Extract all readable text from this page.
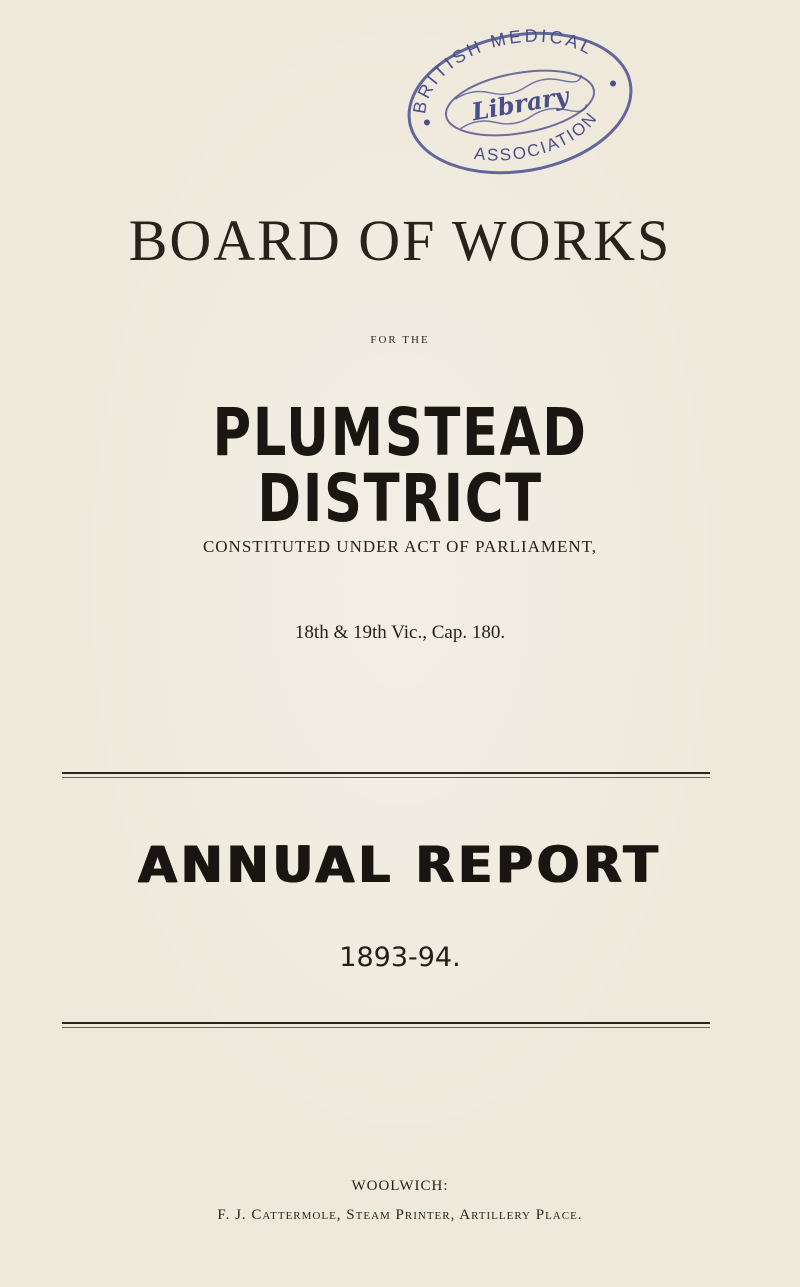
BRITISH MEDICAL
Library
ASSOCIATION
BOARD OF WORKS
FOR THE
PLUMSTEAD DISTRICT
CONSTITUTED UNDER ACT OF PARLIAMENT,
18th & 19th Vic., Cap. 180.
ANNUAL REPORT
1893-94.
WOOLWICH:
F. J. Cattermole, Steam Printer, Artillery Place.
